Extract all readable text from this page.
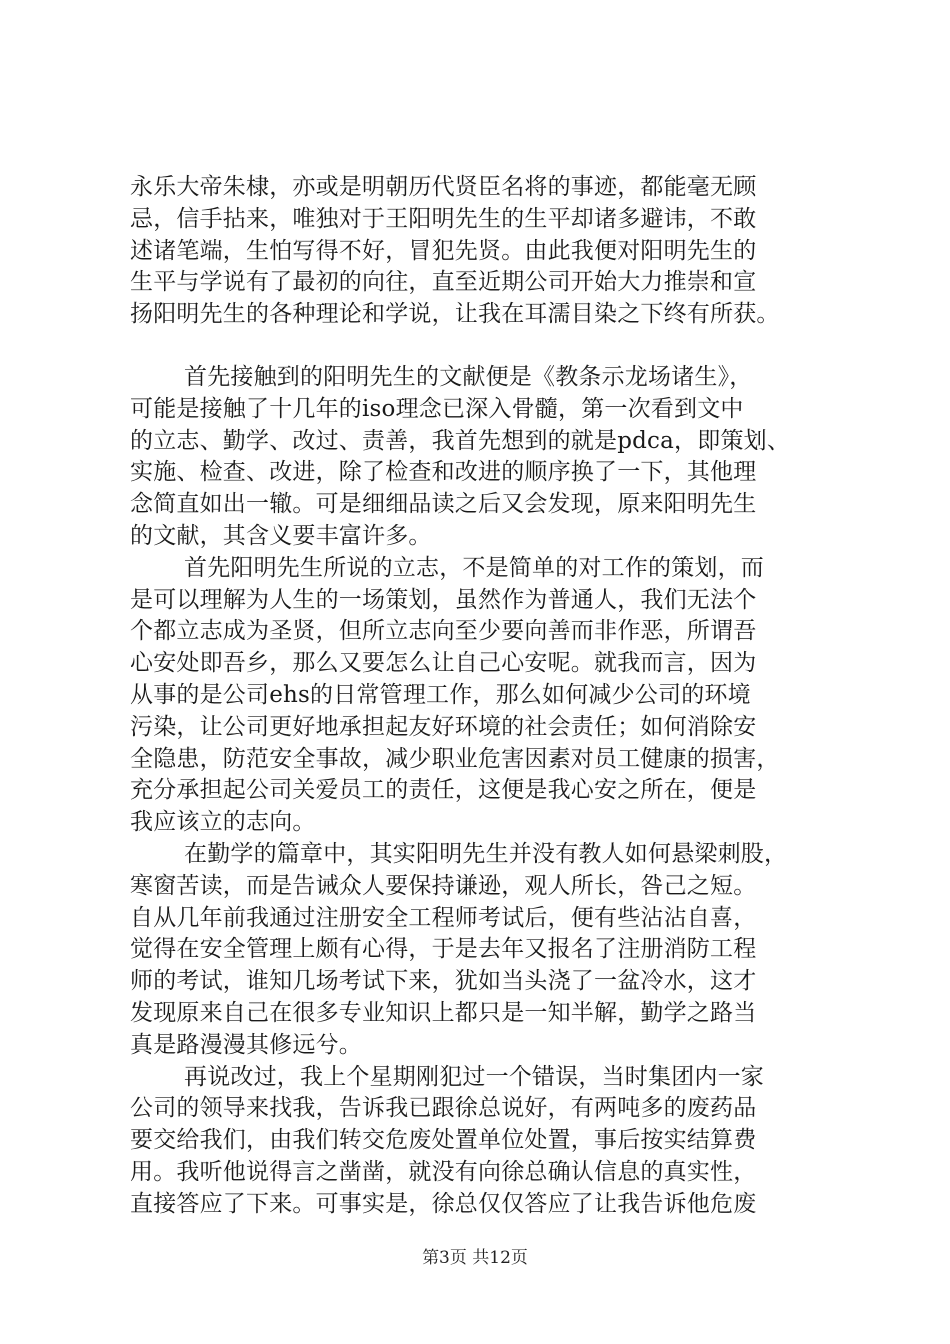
永乐大帝朱棣，亦或是明朝历代贤臣名将的事迹，都能毫无顾
忌，信手拈来，唯独对于王阳明先生的生平却诸多避讳，不敢
述诸笔端，生怕写得不好，冒犯先贤。由此我便对阳明先生的
生平与学说有了最初的向往，直至近期公司开始大力推崇和宣
扬阳明先生的各种理论和学说，让我在耳濡目染之下终有所获。
首先接触到的阳明先生的文献便是《教条示龙场诸生》，
可能是接触了十几年的iso理念已深入骨髓，第一次看到文中
的立志、勤学、改过、责善，我首先想到的就是pdca，即策划、
实施、检查、改进，除了检查和改进的顺序换了一下，其他理
念简直如出一辙。可是细细品读之后又会发现，原来阳明先生
的文献，其含义要丰富许多。
首先阳明先生所说的立志，不是简单的对工作的策划，而
是可以理解为人生的一场策划，虽然作为普通人，我们无法个
个都立志成为圣贤，但所立志向至少要向善而非作恶，所谓吾
心安处即吾乡，那么又要怎么让自己心安呢。就我而言，因为
从事的是公司ehs的日常管理工作，那么如何减少公司的环境
污染，让公司更好地承担起友好环境的社会责任；如何消除安
全隐患，防范安全事故，减少职业危害因素对员工健康的损害，
充分承担起公司关爱员工的责任，这便是我心安之所在，便是
我应该立的志向。
在勤学的篇章中，其实阳明先生并没有教人如何悬梁刺股，
寒窗苦读，而是告诫众人要保持谦逊，观人所长，咎己之短。
自从几年前我通过注册安全工程师考试后，便有些沾沾自喜，
觉得在安全管理上颇有心得，于是去年又报名了注册消防工程
师的考试，谁知几场考试下来，犹如当头浇了一盆冷水，这才
发现原来自己在很多专业知识上都只是一知半解，勤学之路当
真是路漫漫其修远兮。
再说改过，我上个星期刚犯过一个错误，当时集团内一家
公司的领导来找我，告诉我已跟徐总说好，有两吨多的废药品
要交给我们，由我们转交危废处置单位处置，事后按实结算费
用。我听他说得言之凿凿，就没有向徐总确认信息的真实性，
直接答应了下来。可事实是，徐总仅仅答应了让我告诉他危废
第3页 共12页
